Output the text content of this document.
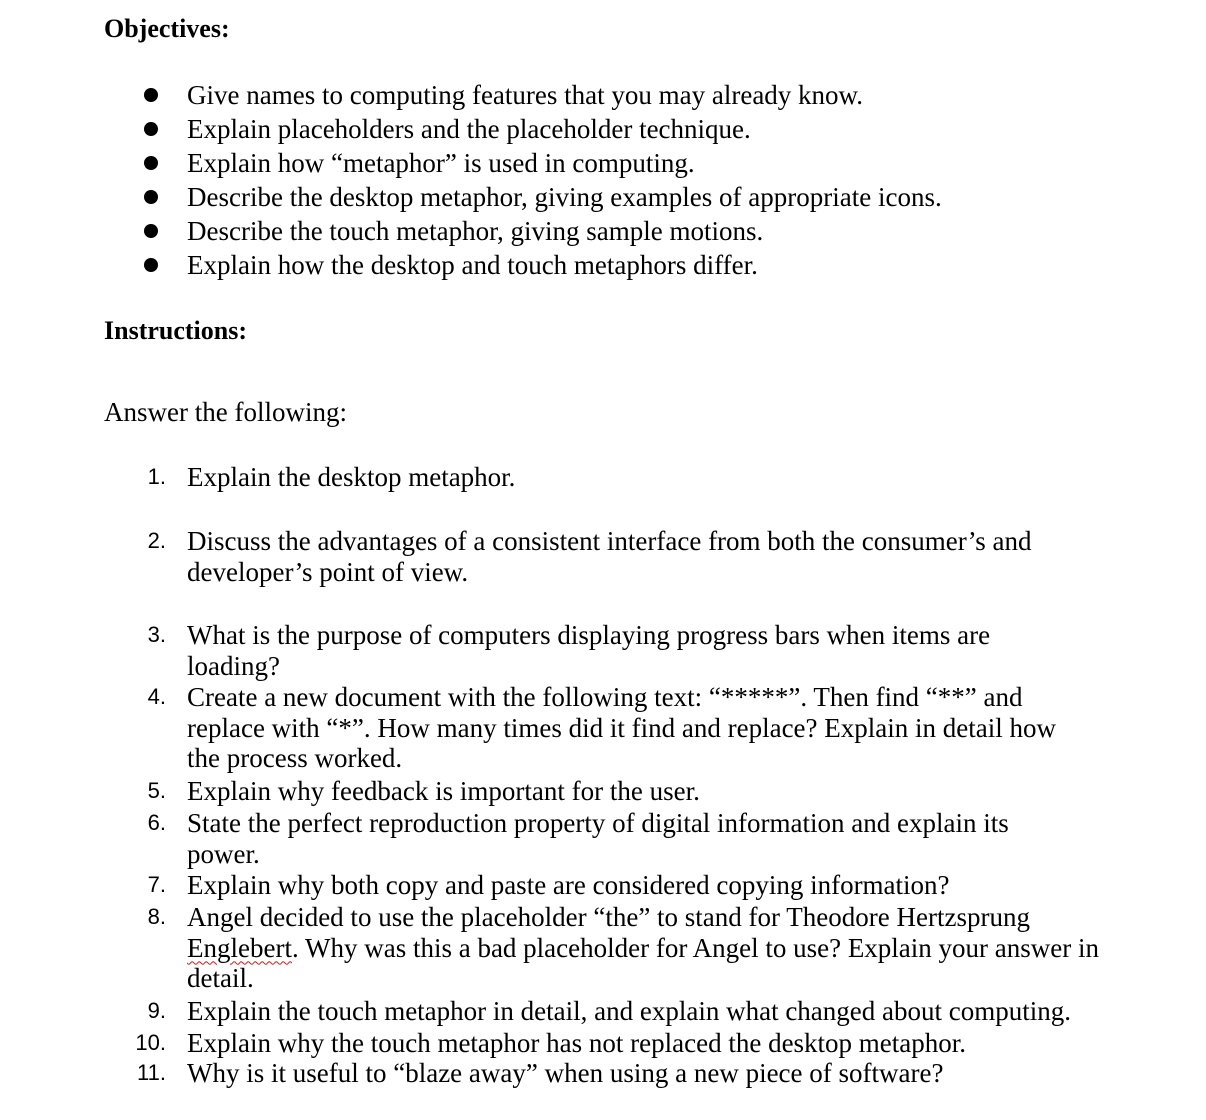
Objectives:
Give names to computing features that you may already know.
Explain placeholders and the placeholder technique.
Explain how “metaphor” is used in computing.
Describe the desktop metaphor, giving examples of appropriate icons.
Describe the touch metaphor, giving sample motions.
Explain how the desktop and touch metaphors differ.
Instructions:

Answer the following:

1. Explain the desktop metaphor.
2. Discuss the advantages of a consistent interface from both the consumer’s and developer’s point of view.
3. What is the purpose of computers displaying progress bars when items are loading?
4. Create a new document with the following text: “*****”. Then find “**” and replace with “*”. How many times did it find and replace? Explain in detail how the process worked.
5. Explain why feedback is important for the user.
6. State the perfect reproduction property of digital information and explain its power.
7. Explain why both copy and paste are considered copying information?
8. Angel decided to use the placeholder “the” to stand for Theodore Hertzsprung Englebert. Why was this a bad placeholder for Angel to use? Explain your answer in detail.
9. Explain the touch metaphor in detail, and explain what changed about computing.
10. Explain why the touch metaphor has not replaced the desktop metaphor.
11. Why is it useful to “blaze away” when using a new piece of software?
